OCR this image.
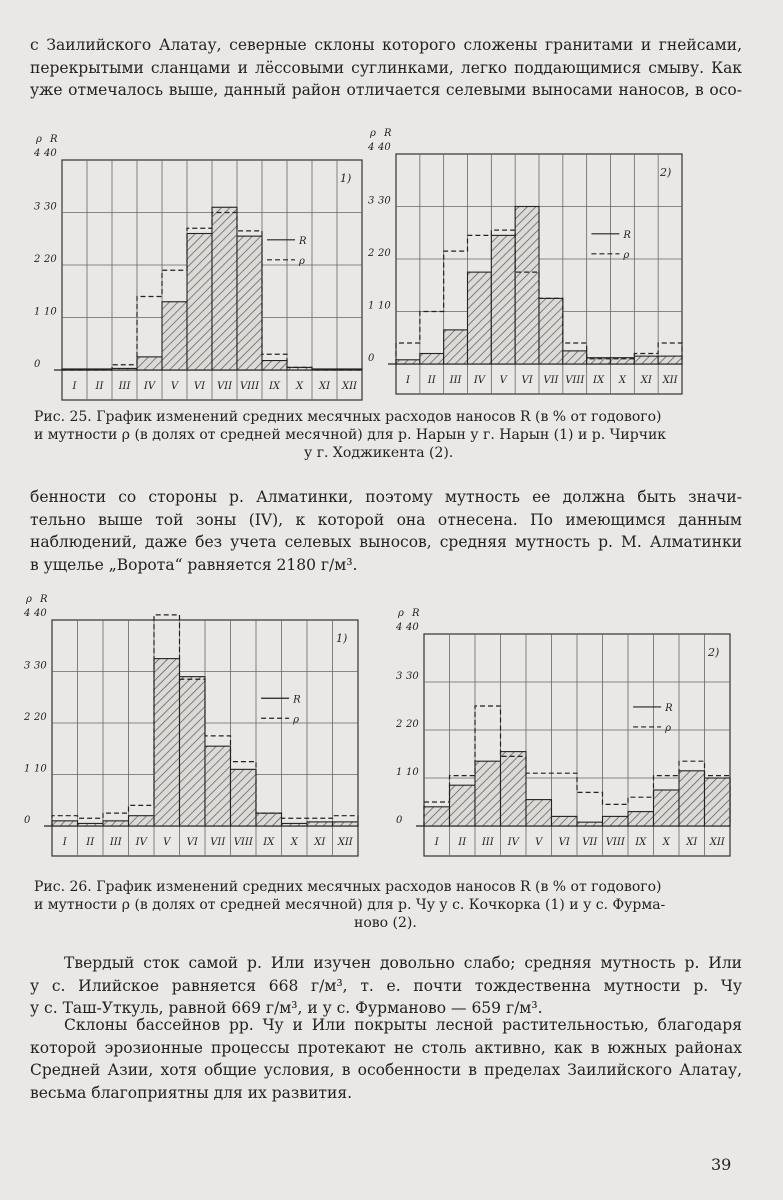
с Заилийского Алатау, северные склоны которого сложены гранитами и гнейсами,
перекрытыми сланцами и лёссовыми суглинками, легко поддающимися смыву. Как
уже отмечалось выше, данный район отличается селевыми выносами наносов, в осо-

I II III IV V VI VII VIII IX X XI XII
ρ R
0
1 10
2 20
3 30
4 40
1)
R
ρ
I II III IV V VI VII VIII IX X XI XII
ρ R
0
1 10
2 20
3 30
4 40
2)
R
ρ

Рис. 25. График изменений средних месячных расходов наносов R (в % от годового)
и мутности ρ (в долях от средней месячной) для р. Нарын у г. Нарын (1) и р. Чирчик
у г. Ходжикента (2).

бенности со стороны р. Алматинки, поэтому мутность ее должна быть значи-
тельно выше той зоны (IV), к которой она отнесена. По имеющимся данным
наблюдений, даже без учета селевых выносов, средняя мутность р. М. Алматинки
в ущелье „Ворота“ равняется 2180 г/м³.

I II III IV V VI VII VIII IX X XI XII
ρ R
0
1 10
2 20
3 30
4 40
1)
R
ρ
I II III IV V VI VII VIII IX X XI XII
ρ R
0
1 10
2 20
3 30
4 40
2)
R
ρ

Рис. 26. График изменений средних месячных расходов наносов R (в % от годового)
и мутности ρ (в долях от средней месячной) для р. Чу у с. Кочкорка (1) и у с. Фурма-
ново (2).

Твердый сток самой р. Или изучен довольно слабо; средняя мутность р. Или
у с. Илийское равняется 668 г/м³, т. е. почти тождественна мутности р. Чу
у с. Таш-Уткуль, равной 669 г/м³, и у с. Фурманово — 659 г/м³.

Склоны бассейнов рр. Чу и Или покрыты лесной растительностью, благодаря
которой эрозионные процессы протекают не столь активно, как в южных районах
Средней Азии, хотя общие условия, в особенности в пределах Заилийского Алатау,
весьма благоприятны для их развития.

39
